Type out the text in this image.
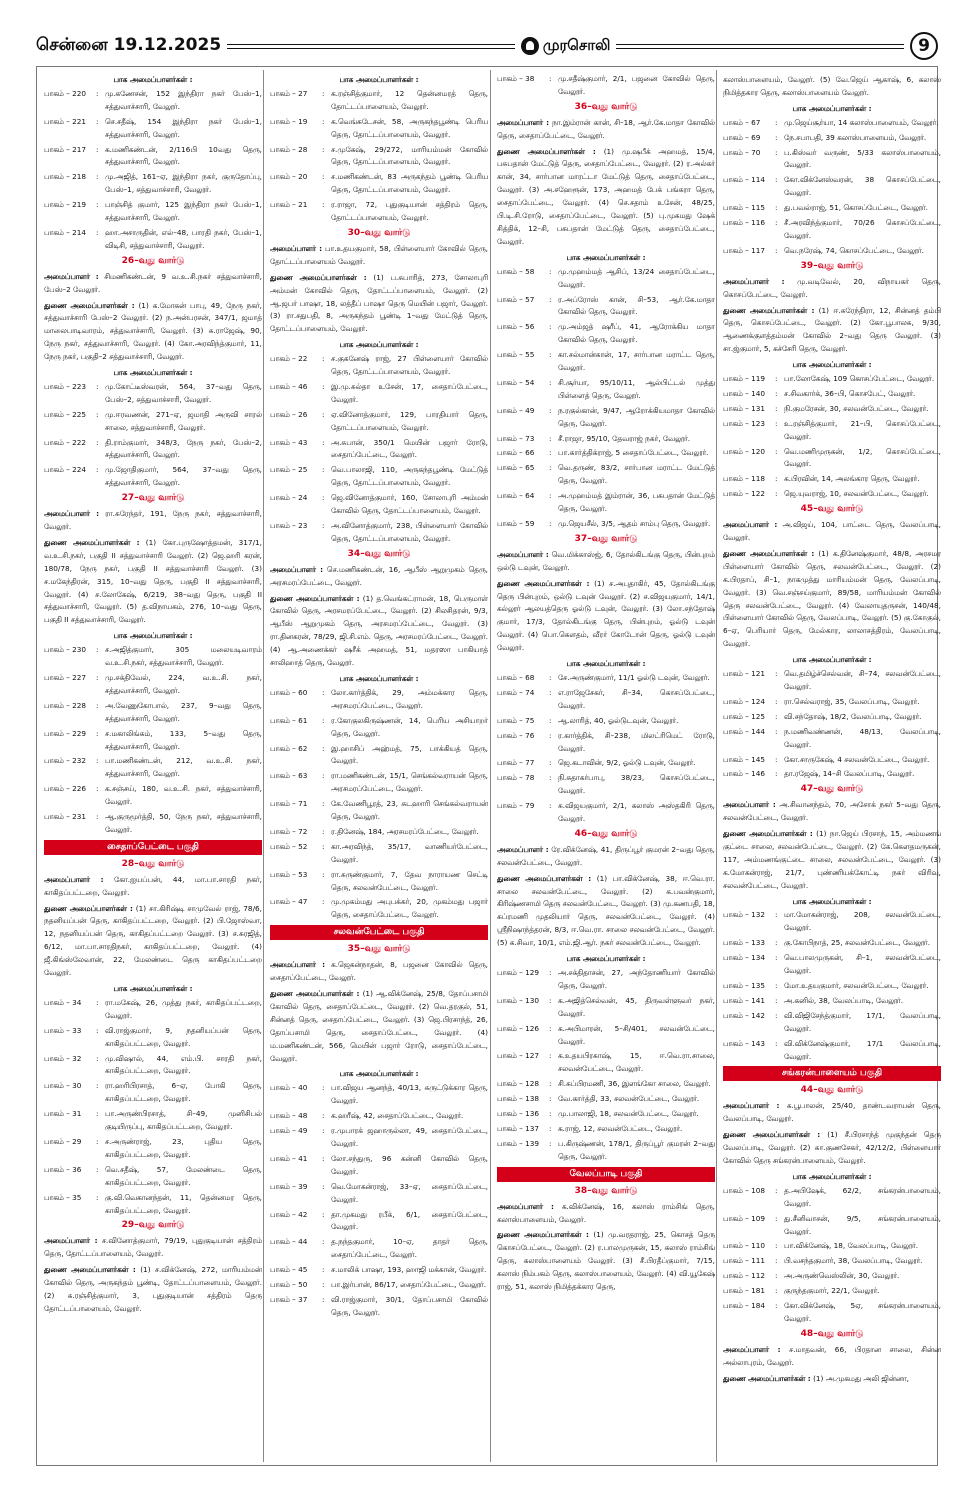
சென்னை 19.12.2025	முரசொலி	9
பாக அமைப்பாளர்கள் :
பாகம் – 220	: மு.கணேசன், 152 இந்திரா நகர் பேஸ்–1, சத்துவாச்சாரி, வேலூர்.
பாகம் – 221	: செ.சதீஷ், 154 இந்திரா நகர் பேஸ்–1, சத்துவாச்சாரி, வேலூர்.
பாகம் – 217	: க.மணிகண்டன், 2/116பி 10வது தெரு, சத்துவாச்சாரி, வேலூர்.
பாகம் – 218	: மு.அஜித், 161–ஏ, இந்திரா நகர், குருதோப்பு, பேஸ்–1, சத்துவாச்சாரி, வேலூர்.
பாகம் – 219	: பாஞ்சித் குமார், 125 இந்திரா நகர் பேஸ்–1, சத்துவாச்சாரி, வேலூர்.
பாகம் – 214	: ஹா.அசாருதின், எல்–48, பாரதி நகர், பேஸ்–1, விடிசி, சத்துவாச்சாரி, வேலூர்.
26–வது வார்டு
அமைப்பாளர் : சிமணிகண்டன், 9 வ.உ.சி.நகர் சத்துவாச்சாரி, பேஸ்–2 வேலூர்.
துணை அமைப்பாளர்கள் : (1) க.மோகன் பாபு, 49, நேரு நகர், சத்துவாச்சாரி பேஸ்–2 வேலூர். (2) ந.அன்பரசன், 347/1, ஜமாத் மாலைபாடிவாரம், சத்துவாச்சாரி, வேலூர். (3) சு.ராஜேஷ், 90, நேரு நகர், சத்துவாச்சாரி, வேலூர். (4) கோ.அரவிந்த்குமார், 11, நேரு நகர், பகுதி–2 சத்துவாச்சாரி, வேலூர்.
பாக அமைப்பாளர்கள் :
பாகம் – 223	: மு.கோட்டீஸ்வரன், 564, 37–வது தெரு, பேஸ்–2, சத்துவாச்சாரி, வேலூர்.
பாகம் – 225	: மு.ஈரவணன், 271–ஏ, ஜமாதி அருவி சாரல் சாலை, சத்துவாச்சாரி, வேலூர்.
பாகம் – 222	: தி.ராம்குமார், 348/3, நேரு நகர், பேஸ்–2, சத்துவாச்சாரி, வேலூர்.
பாகம் – 224	: மு.ஜோதிகுமார், 564, 37–வது தெரு, சத்துவாச்சாரி, வேலூர்.
27–வது வார்டு
அமைப்பாளர் : ரா.சுரேந்தர், 191, நேரு நகர், சத்துவாச்சாரி, வேலூர்.
துணை அமைப்பாளர்கள் : (1) கோ.புருஷோத்தமன், 317/1, வ.உ.சி.நகர், பகுதி II சத்துவாச்சாரி வேலூர். (2) ஜெ.ஹரி கரன், 180/78, நேரு நகர், பகுதி II சத்துவாச்சாரி வேலூர். (3) ச.மகேந்திரன், 315, 10–வது தெரு, பகுதி II சத்துவாச்சாரி, வேலூர். (4) ச.லோகேஷ், 6/219, 38–வது தெரு, பகுதி II சத்துவாச்சாரி, வேலூர். (5) த.விநாயகம், 276, 10–வது தெரு, பகுதி II சத்துவாச்சாரி, வேலூர்.
பாக அமைப்பாளர்கள் :
பாகம் – 230	: ச.அஜித்குமார், 305 மலையடிவாரம் வ.உ.சி.நகர், சத்துவாச்சாரி, வேலூர்.
பாகம் – 227	: மு.சக்திவேல், 224, வ.உ.சி. நகர், சத்துவாச்சாரி, வேலூர்.
பாகம் – 228	: அ.வேணுகோபால், 237, 9–வது தெரு, சத்துவாச்சாரி, வேலூர்.
பாகம் – 229	: ச.மகாலிங்கம், 133, 5–வது தெரு, சத்துவாச்சாரி, வேலூர்.
பாகம் – 232	: பா.மணிகண்டன், 212, வ.உ.சி. நகர், சத்துவாச்சாரி, வேலூர்.
பாகம் – 226	: க.சஞ்சய், 180, வ.உ.சி. நகர், சத்துவாச்சாரி, வேலூர்.
பாகம் – 231	: ஆ.குருமூர்த்தி, 50, நேரு நகர், சத்துவாச்சாரி, வேலூர்.
சைதாப்பேட்டை பகுதி
28–வது வார்டு
அமைப்பாளர் : கோ.ஐயப்பன், 44, மா.பா.சாரதி நகர், காகிதப்பட்டறை, வேலூர்.
துணை அமைப்பாளர்கள் : (1) சா.கிரிஷ்டி சாமுவேல் ராஜ், 78/6, நதனியப்பன் தெரு, காகிதப்பட்டறை, வேலூர். (2) பி.ஜோஸ்வா, 12, நதனியப்பன் தெரு, காகிதப்பட்டறை வேலூர். (3) ச.சுரஜித், 6/12, மா.பா.சாரதிநகர், காகிதப்பட்டறை, வேலூர். (4) ஜீ.கிங்ஸ்லேவான், 22, மேலண்டை தெரு காகிதப்பட்டறை வேலூர்.
பாக அமைப்பாளர்கள் :
பாகம் – 34	: ரா.மகேஷ், 26, முத்து நகர், காகிதப்பட்டறை, வேலூர்.
பாகம் – 33	: வி.ராஜ்குமார், 9, நதனியப்பன் தெரு, காகிதப்பட்டறை, வேலூர்.
பாகம் – 32	: மு.விஷால், 44, எம்.பி. சாரதி நகர், காகிதப்பட்டறை, வேலூர்.
பாகம் – 30	: ரா.ஹரிபிரசாத், 6–ஏ, போகி தெரு, காகிதப்பட்டறை, வேலூர்.
பாகம் – 31	: பா.அருண்பிரசாத், சி–49, முனிசிபல் குடியிருப்பு, காகிதப்பட்டறை, வேலூர்.
பாகம் – 29	: ச.அருண்ராஜ், 23, புதிய தெரு, காகிதப்பட்டறை, வேலூர்.
பாகம் – 36	: வெ.சதீஷ், 57, மேலண்டை தெரு, காகிதப்பட்டறை, வேலூர்.
பாகம் – 35	: கு.வி.வெகானந்தன், 11, தென்னமர தெரு, காகிதப்பட்டறை, வேலூர்.
29–வது வார்டு
அமைப்பாளர் : ச.வினோத்குமார், 79/19, புதுகுடியான் சத்திரம் தெரு, தோட்டப்பாளையம், வேலூர்.
துணை அமைப்பாளர்கள் : (1) ச.விக்னேஷ், 272, மாரியம்மன் கோவில் தெரு, அருகந்தம் பூண்டி, தோட்டப்பாளையம், வேலூர். (2) க.ரஞ்சித்குமார், 3, புதுகுடியான் சத்திரம் தெரு தோட்டப்பாளையம், வேலூர்.
பாக அமைப்பாளர்கள் :
பாகம் – 27	: க.ரஞ்சித்குமார், 12 தென்னமரத் தெரு, தோட்டப்பாளையம், வேலூர்.
பாகம் – 19	: க.வெங்கடேசன், 58, அருகந்தபூண்டி பெரிய தெரு, தோட்டப்பாளையம், வேலூர்.
பாகம் – 28	: ச.முகேஷ், 29/272, மாரியம்மன் கோவில் தெரு, தோட்டப்பாளையம், வேலூர்.
பாகம் – 20	: ச.மணிகண்டன், 83 அருகந்தம் பூண்டி பெரிய தெரு, தோட்டப்பாளையம், வேலூர்.
பாகம் – 21	: ர.ராஜா, 72, புதுகுடியான் சத்திரம் தெரு, தோட்டப்பாளையம், வேலூர்.
30–வது வார்டு
அமைப்பாளர் : பா.உதயகுமார், 58, பிள்ளையார் கோவில் தெரு, தோட்டப்பாளையம் வேலூர்.
துணை அமைப்பாளர்கள் : (1) ப.சுபாரித், 273, சோலாபுரி அம்மன் கோவில் தெரு, தோட்டப்பாளையம், வேலூர். (2) ஆ.ஜபர் பாஷா, 18, லத்தீப் பாஷா தெரு மெயின் பஜார், வேலூர். (3) ரா.சதுபதி, 8, அருகந்தம் பூண்டி 1–வது மேட்டுத் தெரு, தோட்டப்பாளையம், வேலூர்.
பாக அமைப்பாளர்கள் :
பாகம் – 22	: ச.குகனேஷ் ராஜ், 27 பிள்ளையார் கோவில் தெரு, தோட்டப்பாளையம், வேலூர்.
பாகம் – 46	: இ.மு.சுல்தா உசேன், 17, சைதாப்பேட்டை, வேலூர்.
பாகம் – 26	: ஏ.வினோத்குமார், 129, பாரதியார் தெரு, தோட்டப்பாளையம், வேலூர்.
பாகம் – 43	: அ.சுபான், 350/1 மெயின் பஜார் ரோடு, சைதாப்பேட்டை, வேலூர்.
பாகம் – 25	: வெ.பாலாஜி, 110, அருகந்தபூண்டி மேட்டுத் தெரு, தோட்டப்பாளையம், வேலூர்.
பாகம் – 24	: ஜெ.வினோத்குமார், 160, சோலாபுரி அம்மன் கோவில் தெரு, தோட்டப்பாளையம், வேலூர்.
பாகம் – 23	: அ.வினோத்குமார், 238, பிள்ளையார் கோவில் தெரு, தோட்டப்பாளையம், வேலூர்.
34–வது வார்டு
அமைப்பாளர் : செ.மணிகண்டன், 16, ஆபீஸ் ஆறுமுகம் தெரு, அரசமரப்பேட்டை, வேலூர்.
துணை அமைப்பாளர்கள் : (1) த.வெங்கட்ராமன், 18, பெருமாள் கோவில் தெரு, அரசமரப்பேட்டை, வேலூர். (2) சிலசிதரன், 9/3, ஆபீஸ் ஆறுமுகம் தெரு, அரசமரப்பேட்டை, வேலூர். (3) ரா.தினகரன், 78/29, ஜி.சி.எம். தெரு, அரசமரப்பேட்டை, வேலூர். (4) ஆ.அணைக்கர் ஷரீக் அஹமத், 51, மதரஸா பாகியாத் சாலிஹாத் தெரு, வேலூர்.
பாக அமைப்பாளர்கள் :
பாகம் – 60	: லோ.கார்த்திக், 29, அம்மக்கார தெரு, அரசமரப்பேட்டை, வேலூர்.
பாகம் – 61	: ர.கோகுலகிருஷ்ணன், 14, பெரிய அசியாறர் தெரு, வேலூர்.
பாகம் – 62	: இ.ஹாசிப் அஹ்மத், 75, பாக்கியத் தெரு, வேலூர்.
பாகம் – 63	: ரா.மணிகண்டன், 15/1, செங்கல்வராயன் தெரு, அரசமரப்பேட்டை, வேலூர்.
பாகம் – 71	: கே.வேணிபூரத், 23, சுடஹாரி செங்கல்வராயன் தெரு, வேலூர்.
பாகம் – 72	: ர.தினேஷ், 184, அரசமரப்பேட்டை, வேலூர்.
பாகம் – 52	: கா.அரவிந்த், 35/17, வாணியர்பேட்டை, வேலூர்.
பாகம் – 53	: ரா.சுருண்குமார், 7, தேவ நாராயண செட்டி தெரு, சலவன்பேட்டை, வேலூர்.
பாகம் – 47	: மு.முகம்மது அபுபக்கர், 20, முகம்மது பஜார் தெரு, சைதாப்பேட்டை, வேலூர்.
சலவன்பேட்டை பகுதி
35–வது வார்டு
அமைப்பாளர் : க.ஜெகன்நாதன், 8, பஜனை கோவில் தெரு, சைதாப்பேட்டை, வேலூர்.
துணை அமைப்பாளர்கள் : (1) ஆ.விக்னேஷ், 25/8, தோப்பசாமி கோவில் தெரு, சைதாப்பேட்டை, வேலூர். (2) வெ.தரகுல், 51, சின்னத் தெரு, சைதாப்பேட்டை, வேலூர். (3) ஜெ.பிரசாந்த், 26, தோப்பசாமி தெரு, சைதாப்பேட்டை, வேலூர். (4) ம.மணிகண்டன், 566, மெயின் பஜார் ரோடு, சைதாப்பேட்டை, வேலூர்.
பாக அமைப்பாளர்கள் :
பாகம் – 40	: பா.விஜய ஆனந்த், 40/13, சுருட்டுக்கார தெரு, வேலூர்.
பாகம் – 48	: க.ஹரீஷ், 42, சைதாப்பேட்டை, வேலூர்.
பாகம் – 49	: ர.முபாரக் ஜஹாருல்லா, 49, சைதாப்பேட்டை, வேலூர்.
பாகம் – 41	: லோ.சந்துரு, 96 கன்னி கோவில் தெரு, வேலூர்.
பாகம் – 39	: வெ.மோகன்ராஜ், 33–ஏ, சைதாப்பேட்டை, வேலூர்.
பாகம் – 42	: தா.முகமது ரபீக், 6/1, சைதாப்பேட்டை, வேலூர்.
பாகம் – 44	: த.நந்தகுமார், 10–ஏ, தாதர் தெரு, சைதாப்பேட்டை, வேலூர்.
பாகம் – 45	: ச.மாலிக் பாஷா, 193, ஹாஜி மக்கான், வேலூர்.
பாகம் – 50	: பா.இர்பான், 86/17, சைதாப்பேட்டை, வேலூர்.
பாகம் – 37	: வி.ராஜ்குமார், 30/1, தோப்பசாமி கோவில் தெரு, வேலூர்.
பாகம் – 38	: மு.சதீஷ்குமார், 2/1, பஜனை கோவில் தெரு, வேலூர்.
36–வது வார்டு
அமைப்பாளர் : நா.இம்ரான் கான், சி–18, ஆர்.கே.மாதா கோவில் தெரு, சைதாப்பேட்டை, வேலூர்.
துணை அமைப்பாளர்கள் : (1) மு.ஷபீக் அஹமத், 15/4, பசுபதான் மேட்டுத் தெரு, சைதாப்பேட்டை, வேலூர். (2) ர.அல்கர் கான், 34, சார்பான மாரட்டா மேட்டுத் தெரு, சைதாப்பேட்டை, வேலூர். (3) அ.சஹேரூன், 173, அஹமத் பேக் பங்கரா தெரு, சைதாப்பேட்டை, வேலூர். (4) செ.சதாம் உசேன், 48/25, பி.டி.சி.ரோடு, சைதாப்பேட்டை, வேலூர். (5) பு.முகமது ஷேக் சித்திக், 12–சி, பசுபதான் மேட்டுத் தெரு, சைதாப்பேட்டை, வேலூர்.
பாக அமைப்பாளர்கள் :
பாகம் – 58	: மு.முஹம்மத் ஆசிப், 13/24 சைதாப்பேட்டை, வேலூர்.
பாகம் – 57	: ர.அப்ரோஸ் கான், சி–53, ஆர்.கே.மாதா கோவில் தெரு, வேலூர்.
பாகம் – 56	: மு.அம்ஜத் ஷரீப், 41, ஆரோக்கிய மாதா கோவில் தெரு, வேலூர்.
பாகம் – 55	: கா.சல்மான்கான், 17, சார்பான மராட்ட தெரு, வேலூர்.
பாகம் – 54	: சி.சூர்யா, 95/10/11, ஆல்பிட்டல் முத்து பிள்ளைத் தெரு, வேலூர்.
பாகம் – 49	: ந.ரகுல்கான், 9/47, ஆரோக்கியமாதா கோவில் தெரு, வேலூர்.
பாகம் – 73	: சீ.ராஜா, 95/10, தேவராஜ் நகர், வேலூர்.
பாகம் – 66	: பா.கார்த்திக்ராஜ், 5 சைதாப்பேட்டை, வேலூர்.
பாகம் – 65	: வெ.தருண், 83/2, சார்பான மராட்ட மேட்டுத் தெரு, வேலூர்.
பாகம் – 64	: அ.முஹம்மத் இம்ரான், 36, பசுபதான் மேட்டுத் தெரு, வேலூர்.
பாகம் – 59	: மு.ஜெயசீல், 3/5, ஆதம் சாம்பு தெரு, வேலூர்.
37–வது வார்டு
அமைப்பாளர் : வெ.மிக்காஸ்ஜ், 6, தோல்கிடங்கு தெரு, பின்புறம் ஒல்டு டவுன், வேலூர்.
துணை அமைப்பாளர்கள் : (1) ச.அபுதாகிர், 45, தோல்கிடங்கு தெரு பின்புறம், ஒல்டு டவுன் வேலூர். (2) ச.விஜயகுமார், 14/1, கல்லூர் ஆலயத்தெரு ஓல்டு டவுன், வேலூர். (3) லோ.சந்தோஷ் குமார், 17/3, தோல்கிடங்கு தெரு, பின்புறம், ஓல்டு டவுன் வேலூர். (4) பொ.கௌதம், வீரர் கோடோன் தெரு, ஓல்டு டவுன் வேலூர்.
பாக அமைப்பாளர்கள் :
பாகம் – 68	: சே.அருண்குமார், 11/1 ஓல்டு டவுன், வேலூர்.
பாகம் – 74	: எ.ராஜேசேகர், சி–34, கொசப்பேட்டை, வேலூர்.
பாகம் – 75	: ஆ.லாரித், 40, ஓல்டுடவுன், வேலூர்.
பாகம் – 76	: ர.கார்த்திக், சி–238, மிலட்ரிமெட் ரோடு, வேலூர்.
பாகம் – 77	: ஜெ.கடாவின், 9/2, ஓல்டு டவுன், வேலூர்.
பாகம் – 78	: நி.சுதாகர்பாபு, 38/23, கொசப்பேட்டை, வேலூர்.
பாகம் – 79	: சு.விஜயகுமார், 2/1, கலாஸ் அஸ்தகிரி தெரு, வேலூர்.
46–வது வார்டு
அமைப்பாளர் : ரே.விக்னேஷ், 41, திருப்பூர் குமரன் 2–வது தெரு, சலவன்பேட்டை, வேலூர்.
துணை அமைப்பாளர்கள் : (1) பா.விக்னேஷ், 38, ஈ.வெ.ரா. சாலை சலவன்பேட்டை, வேலூர். (2) க.பவன்குமார், கிரிஷ்ணசாமி தெரு சலவன்பேட்டை, வேலூர். (3) மு.கணபதி, 18, சுப்ரமணி முதலியார் தெரு, சலவன்பேட்டை, வேலூர். (4) ஸ்ரீநிஷாந்த்தரன், 8/3, ஈ.வெ.ரா. சாலை சலவன்பேட்டை, வேலூர். (5) க.சிவா, 10/1, எம்.ஜி.ஆர். நகர் சலவன்பேட்டை, வேலூர்.
பாக அமைப்பாளர்கள் :
பாகம் – 129	: அ.சக்திதாசன், 27, அந்தோணியார் கோவில் தெரு, வேலூர்.
பாகம் – 130	: க.அஜித்செல்வன், 45, திருவள்ளுவர் நகர், வேலூர்.
பாகம் – 126	: க.அபிமாரன், 5–சி/401, சலவன்பேட்டை, வேலூர்.
பாகம் – 127	: க.உதயபிரகாஷ், 15, ஈ.வெ.ரா.சாலை, சலவன்பேட்டை, வேலூர்.
பாகம் – 128	: சி.சுப்பிரமணி, 36, இளங்கோ சாலை, வேலூர்.
பாகம் – 138	: வே.கார்த்தி, 33, சலவன்பேட்டை, வேலூர்.
பாகம் – 136	: மு.பாலாஜி, 18, சலவன்பேட்டை, வேலூர்.
பாகம் – 137	: க.ராஜ், 12, சலவன்பேட்டை, வேலூர்.
பாகம் – 139	: ப.கிருஷ்ணன், 178/1, திருப்பூர் குமரன் 2–வது தெரு, வேலூர்.
வேலப்பாடி பகுதி
38–வது வார்டு
அமைப்பாளர் : க.விக்னேஷ், 16, கலாஸ் ராம்சிங் தெரு, கலாஸ்பாளையம், வேலூர்.
துணை அமைப்பாளர்கள் : (1) மு.வரதராஜ், 25, கொசத் தெரு கொசப்பேட்டை, வேலூர். (2) ர.பாலமுருகன், 15, கலாஸ் ராம்சிங் தெரு, கலாஸ்பாளையம் வேலூர். (3) சீ.பிரதீப்குமார், 7/15, கலாஸ் நிம்பகம் தெரு, கலாஸ்பாளையம், வேலூர். (4) வி.யூகேஷ் ராஜ், 51, கலாஸ் நிமித்தக்கார தெரு,
கலாஸ்பாளையம், வேலூர். (5) வே.ஜெய் ஆகாஷ், 6, கலாஸ் நிமித்தகார தெரு, கலாஸ்பாளையம் வேலூர்.
பாக அமைப்பாளர்கள் :
பாகம் – 67	: மு.ஜெய்சூர்யா, 14 கலாஸ்பாளையம், வேலூர்.
பாகம் – 69	: நே.சபாபதி, 39 கலாஸ்பாளையம், வேலூர்.
பாகம் – 70	: ப.கிஸ்வர் வருண், 5/33 கலாஸ்பாளையம், வேலூர்.
பாகம் – 114	: கோ.விக்னேஸ்வரன், 38 கொசப்பேட்டை, வேலூர்.
பாகம் – 115	: து.பவல்ராஜ், 51, கொசப்பேட்டை, வேலூர்.
பாகம் – 116	: சீ.அரவிந்த்குமார், 70/26 கொசப்பேட்டை, வேலூர்.
பாகம் – 117	: வெ.நரேஷ், 74, கொசப்பேட்டை, வேலூர்.
39–வது வார்டு
அமைப்பாளர் : மு.வடிவேல், 20, விநாயகர் தெரு, கொசப்பேட்டை, வேலூர்.
துணை அமைப்பாளர்கள் : (1) ஈ.சுரேந்திரா, 12, சின்னத் தம்பி தெரு, கொசப்பேட்டை, வேலூர். (2) கோ.பூபாலசு, 9/30, ஆணைக்குளத்தம்மன் கோவில் 2–வது தெரு வேலூர். (3) சா.ஜ்குமார், 5, கச்சேரி தெரு, வேலூர்.
பாக அமைப்பாளர்கள் :
பாகம் – 119	: பா.லோகேஷ், 109 கொசப்பேட்டை, வேலூர்.
பாகம் – 140	: ச.சிவகார்க், 36–பி, கொசபேட், வேலூர்.
பாகம் – 131	: நி.குமரேசன், 30, சலவன்பேட்டை, வேலூர்.
பாகம் – 123	: உ.ரஞ்சித்குமார், 21–பி, கொசப்பேட்டை, வேலூர்.
பாகம் – 120	: வெ.மணிமுருகன், 1/2, கொசப்பேட்டை, வேலூர்.
பாகம் – 118	: க.பிரவின், 14, அலங்கார தெரு, வேலூர்.
பாகம் – 122	: ஜெ.யுவராஜ், 10, சலவன்பேட்டை, வேலூர்.
45–வது வார்டு
அமைப்பாளர் : அ.விஜய், 104, பாட்டை தெரு, வேலப்பாடி, வேலூர்.
துணை அமைப்பாளர்கள் : (1) க.தினேஷ்குமார், 48/8, அரசமர பிள்ளையார் கோவில் தெரு, சலவன்பேட்டை, வேலூர். (2) க.பிரதாப், சி–1, நாகமுத்து மாரியம்மன் தெரு, வேலப்பாடி, வேலூர். (3) வெ.சஞ்சய்குமார், 89/58, மாரியம்மன் கோவில் தெரு சலவன்பேட்டை, வேலூர். (4) வேலாயுதருசன், 140/48, பிள்ளையார் கோவில் தெரு, வேலப்பாடி, வேலூர். (5) கு.கோகுல், 6–ஏ, பெரியார் தெரு, மேல்கார, லாலாசத்திரம், வேலப்பாடி, வேலூர்.
பாக அமைப்பாளர்கள் :
பாகம் – 121	: வெ.தமிழ்ச்செல்வன், சி–74, சலவன்பேட்டை, வேலூர்.
பாகம் – 124	: ரா.செல்வராஜ், 35, வேலப்பாடி, வேலூர்.
பாகம் – 125	: வி.சந்தோஷ், 18/2, வேலப்பாடி, வேலூர்.
பாகம் – 144	: ந.மணிவண்ணன், 48/13, வேலப்பாடி, வேலூர்.
பாகம் – 145	: கோ.சாருகேஷ், 4 சலவன்பேட்டை, வேலூர்.
பாகம் – 146	: தா.ரஜேஷ், 14–சி வேலப்பாடி, வேலூர்.
47–வது வார்டு
அமைப்பாளர் : அ.சிவானந்தம், 70, அசோக் நகர் 5–வது தெரு, சலவன்பேட்டை, வேலூர்.
துணை அமைப்பாளர்கள் : (1) நா.ஜெய் பிரசாந், 15, அம்மணங் குட்டை சாலை, சலவன்பேட்டை, வேலூர். (2) கே.கௌதமருகன், 117, அம்மணங்குட்டை சாலை, சலவன்பேட்டை, வேலூர். (3) க.மோகன்ராஜ், 21/7, புண்ணியக்கோட்டி நகர் விரிவு, சலவன்பேட்டை, வேலூர்.
பாக அமைப்பாளர்கள் :
பாகம் – 132	: மா.மோகன்ராஜ், 208, சலவன்பேட்டை, வேலூர்.
பாகம் – 133	: கு.கோபிநாத், 25, சலவன்பேட்டை, வேலூர்.
பாகம் – 134	: வெ.பாலமுருகன், சி–1, சலவன்பேட்டை, வேலூர்.
பாகம் – 135	: மோ.உதயகுமார், சலவன்பேட்டை, வேலூர்.
பாகம் – 141	: அ.கனில், 38, வேலப்பாடி, வேலூர்.
பாகம் – 142	: வி.விஜிசேந்த்குமார், 17/1, வேலப்பாடி, வேலூர்.
பாகம் – 143	: வி.விக்னேஷ்குமார், 17/1 வேலப்பாடி, வேலூர்.
சங்கரன்பாளையம் பகுதி
44–வது வார்டு
அமைப்பாளர் : க.பூபாலன், 25/40, தாண்டவராயன் தெரு, வேலப்பாடி, வேலூர்.
துணை அமைப்பாளர்கள் : (1) சீ.பிரசாந்த் முகுந்தன் தெரு வேலப்பாடி, வேலூர். (2) கா.குணசேகர், 42/12/2, பிள்ளையார் கோவில் தெரு சங்கரன்பாளையம், வேலூர்.
பாக அமைப்பாளர்கள் :
பாகம் – 108	: த.அபிஷேக், 62/2, சங்கரன்பாளையம், வேலூர்.
பாகம் – 109	: து.சீனிவாசன், 9/5, சங்கரன்பாளையம், வேலூர்.
பாகம் – 110	: பா.விக்னேஷ், 18, வேலப்பாடி, வேலூர்.
பாகம் – 111	: பி.வசந்தகுமார், 38, வேலப்பாடி, வேலூர்.
பாகம் – 112	: அ.அருண்வெஸ்லின், 30, வேலூர்.
பாகம் – 181	: குருந்தகுமார், 22/1, வேலூர்.
பாகம் – 184	: கோ.விக்னேஷ், 5ஏ, சங்கரன்பாளையம், வேலூர்.
48–வது வார்டு
அமைப்பாளர் : ச.மாதவன், 66, பிரதான சாலை, சின்ன அல்லாபுரம், வேலூர்.
துணை அமைப்பாளர்கள் : (1) அ.முகமது அலி ஜின்னா,
